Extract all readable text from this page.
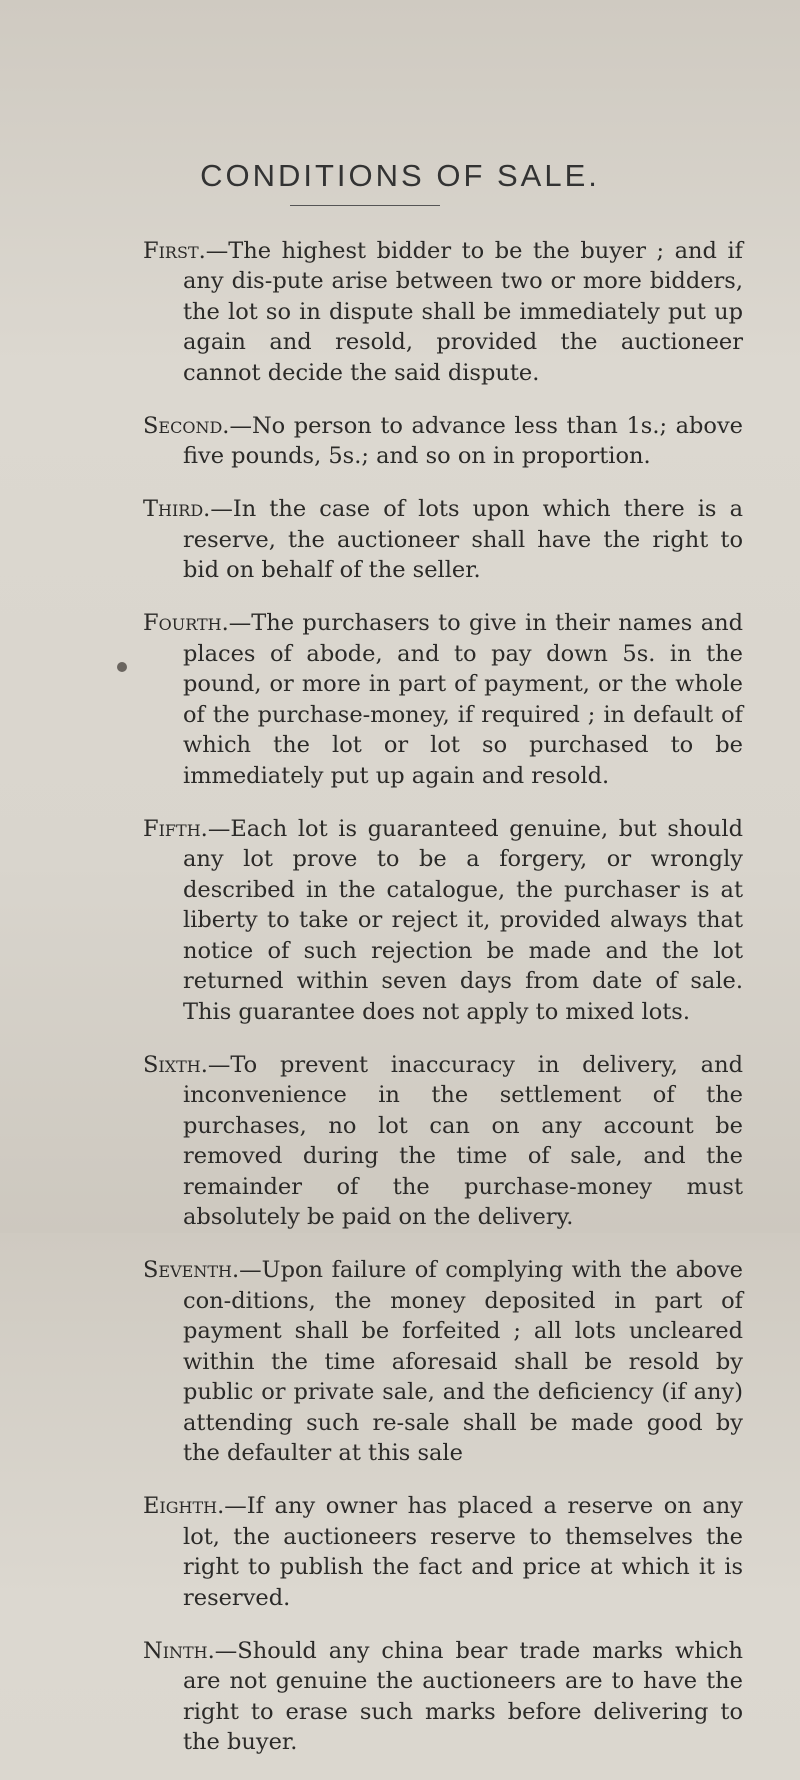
CONDITIONS OF SALE.

First.—The highest bidder to be the buyer ; and if any dis-pute arise between two or more bidders, the lot so in dispute shall be immediately put up again and resold, provided the auctioneer cannot decide the said dispute.

Second.—No person to advance less than 1s.; above five pounds, 5s.; and so on in proportion.

Third.—In the case of lots upon which there is a reserve, the auctioneer shall have the right to bid on behalf of the seller.

Fourth.—The purchasers to give in their names and places of abode, and to pay down 5s. in the pound, or more in part of payment, or the whole of the purchase-money, if required ; in default of which the lot or lot so purchased to be immediately put up again and resold.

Fifth.—Each lot is guaranteed genuine, but should any lot prove to be a forgery, or wrongly described in the catalogue, the purchaser is at liberty to take or reject it, provided always that notice of such rejection be made and the lot returned within seven days from date of sale. This guarantee does not apply to mixed lots.

Sixth.—To prevent inaccuracy in delivery, and inconvenience in the settlement of the purchases, no lot can on any account be removed during the time of sale, and the remainder of the purchase-money must absolutely be paid on the delivery.

Seventh.—Upon failure of complying with the above con-ditions, the money deposited in part of payment shall be forfeited ; all lots uncleared within the time aforesaid shall be resold by public or private sale, and the deficiency (if any) attending such re-sale shall be made good by the defaulter at this sale

Eighth.—If any owner has placed a reserve on any lot, the auctioneers reserve to themselves the right to publish the fact and price at which it is reserved.

Ninth.—Should any china bear trade marks which are not genuine the auctioneers are to have the right to erase such marks before delivering to the buyer.
